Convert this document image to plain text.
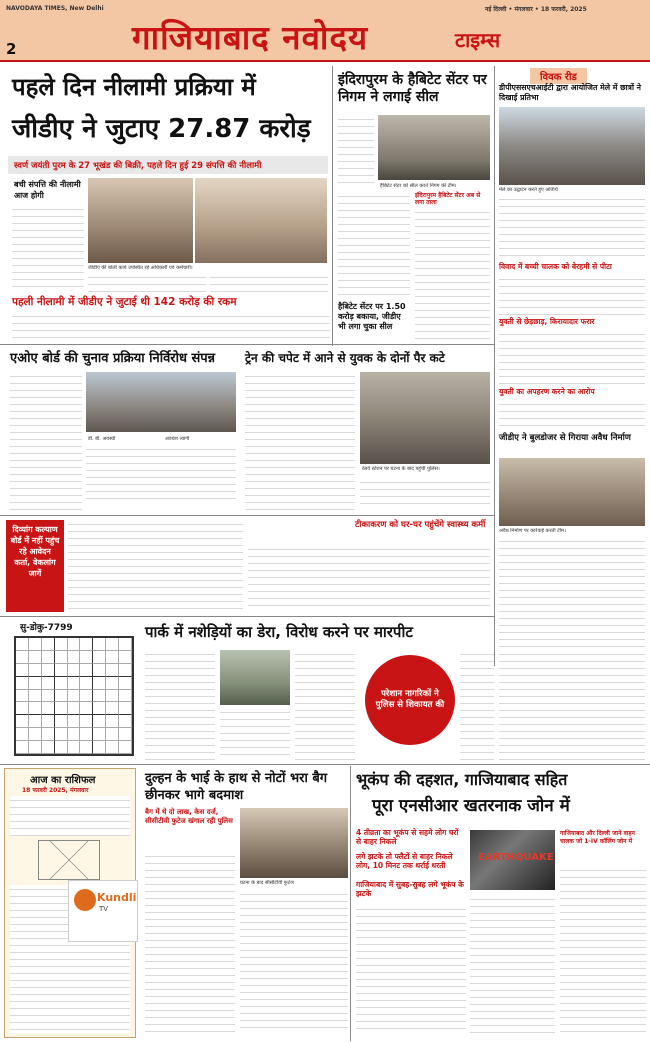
NAVODAYA TIMES, New Delhi	नई दिल्ली • मंगलवार • 18 फरवरी, 2025
2	गाजियाबाद नवोदय	टाइम्स
पहले दिन नीलामी प्रक्रिया में
जीडीए ने जुटाए 27.87 करोड़
स्वर्ण जयंती पुरम के 27 भूखंड की बिक्री, पहले दिन हुई 29 संपत्ति की नीलामी
बची संपत्ति की नीलामी
आज होगी
जीडीए की बोली कार्य उपस्थित रहे अधिकारी एवं कर्मचारी।
पहली नीलामी में जीडीए ने जुटाई थी 142 करोड़ की रकम
इंदिरापुरम के हैबिटेट सेंटर पर निगम ने लगाई सील
हैबिटेट सेंटर को सील करते निगम की टीम।
इंदिरापुरम हैबिटेट सेंटर अब से लगा ताला
हैबिटेट सेंटर पर 1.50 करोड़ बकाया, जीडीए भी लगा चुका सील
विवक रीड
डीपीएससएचआईटी द्वारा आयोजित मेले में छात्रों ने दिखाई प्रतिभा
मेले का उद्घाटन करते हुए अतिथि
विवाद में बच्ची चालक को बेरहमी से पीटा
युवती से छेड़छाड़, किरायादार फरार
युवती का अपहरण करने का आरोप
जीडीए ने बुलडोजर से गिराया अवैध निर्माण
अवैध निर्माण पर कार्रवाई करती टीम।
एओए बोर्ड की चुनाव प्रक्रिया निर्विरोध संपन्न
डॉ. बी. अवस्थी	अवधेश त्यागी
ट्रेन की चपेट में आने से युवक के दोनों पैर कटे
रेलवे स्टेशन पर घटना के बाद पहुंची पुलिस।
दिव्यांग कल्याण बोर्ड में नहीं पहुंच रहे आवेदन कर्ता, वेकलांग जागें
टीकाकरण को घर-घर पहुंचेंगे स्वास्थ्य कर्मी
सु-डोकु-7799	पार्क में नशेड़ियों का डेरा, विरोध करने पर मारपीट
परेशान नागरिकों ने पुलिस से शिकायत की
आज का राशिफल
18 फरवरी 2025, मंगलवार
Kundli
TV
दुल्हन के भाई के हाथ से नोटों भरा बैग छीनकर भागे बदमाश
बैग में थे दो लाख, केस दर्ज, सीसीटीवी फुटेज खंगाल रही पुलिस
घटना के बाद सीसीटीवी फुटेज
भूकंप की दहशत, गाजियाबाद सहित
पूरा एनसीआर खतरनाक जोन में
4 तीव्रता का भूकंप से सहमे लोग घरों से बाहर निकले
लगे झटके तो फ्लैटों से बाहर निकले लोग, 10 मिनट तक थर्राई धरती
गाजियाबाद में सुबह-सुबह लगे भूकंप के झटके
EARTHQUAKE
गाजियाबाद और दिल्ली जाने वाहन चालक जो 1-IV कॉलिंग जोन में
